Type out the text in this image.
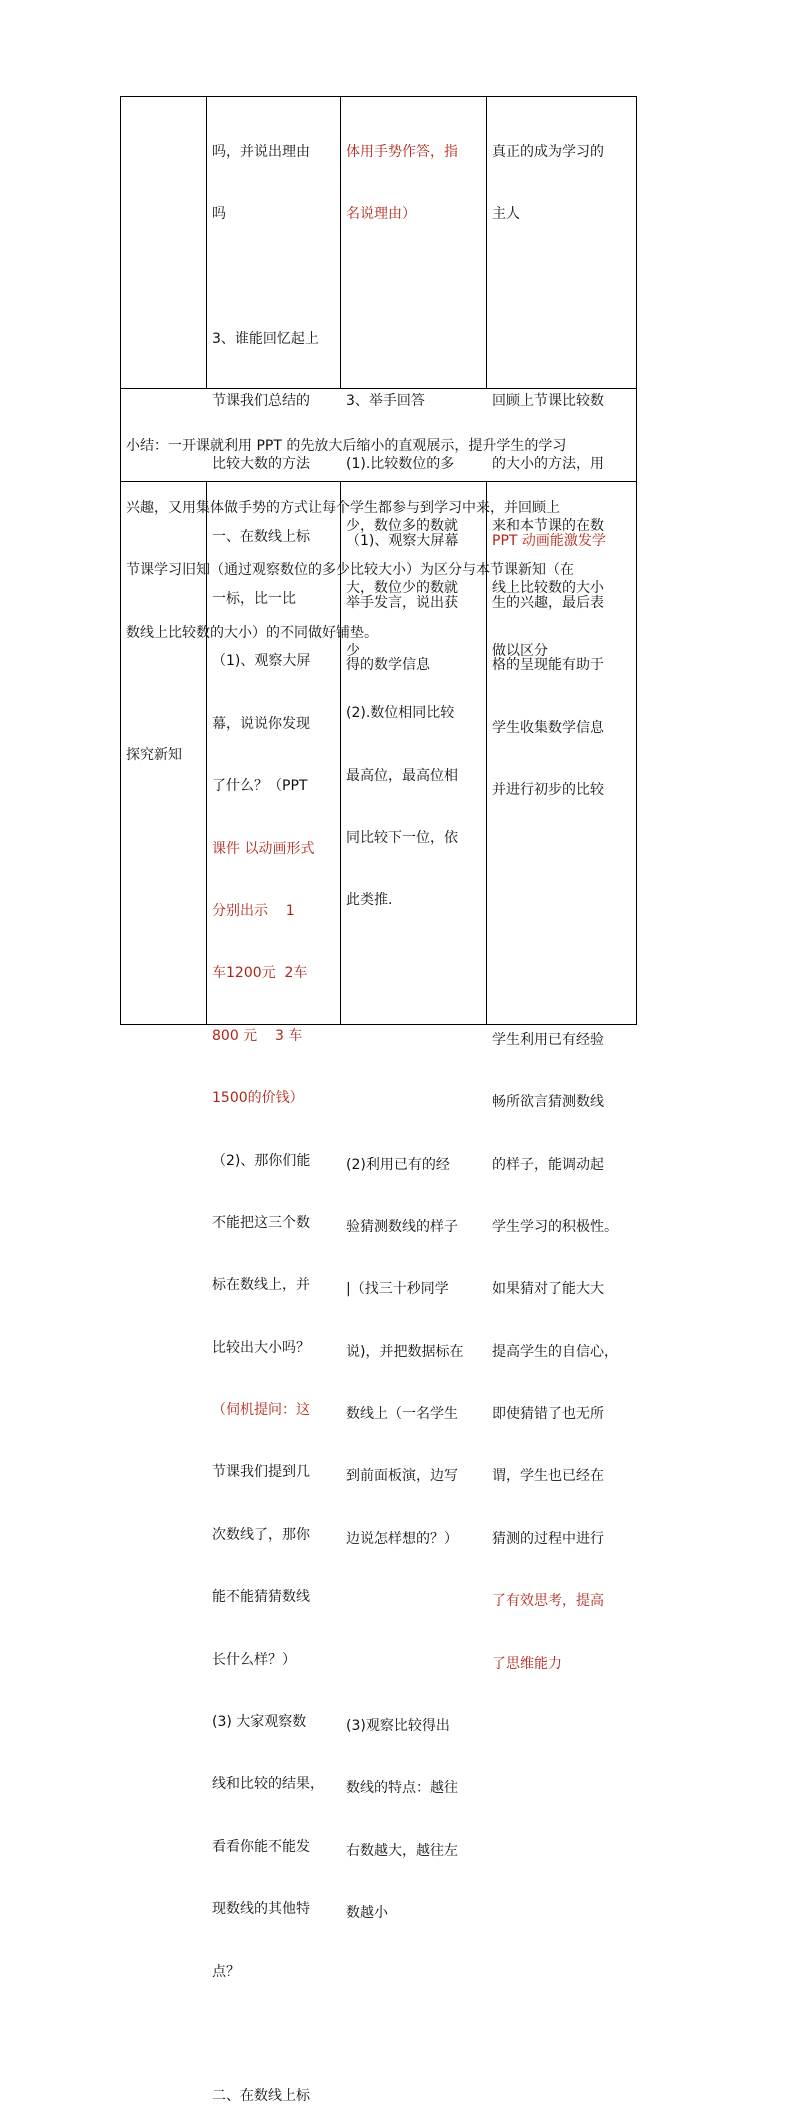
吗，并说出理由

吗

3、谁能回忆起上

节课我们总结的

比较大数的方法

体用手势作答，指

名说理由）

3、举手回答

(1).比较数位的多

少，数位多的数就

大，数位少的数就

少

(2).数位相同比较

最高位，最高位相

同比较下一位，依

此类推.

真正的成为学习的

主人

回顾上节课比较数

的大小的方法，用

来和本节课的在数

线上比较数的大小

做以区分

小结：一开课就利用 PPT 的先放大后缩小的直观展示，提升学生的学习

兴趣，又用集体做手势的方式让每个学生都参与到学习中来，并回顾上

节课学习旧知（通过观察数位的多少比较大小）为区分与本节课新知（在

数线上比较数的大小）的不同做好铺垫。

探究新知

一、在数线上标

一标，比一比

（1)、观察大屏

幕，说说你发现

了什么？（PPT

课件 以动画形式

分别出示    1

车1200元  2车

800 元    3 车

1500的价钱）

（2)、那你们能

不能把这三个数

标在数线上，并

比较出大小吗？

（伺机提问：这

节课我们提到几

次数线了，那你

能不能猜猜数线

长什么样？）

(3) 大家观察数

线和比较的结果，

看看你能不能发

现数线的其他特

点？

二、在数线上标

（1)、观察大屏幕

举手发言，说出获

得的数学信息

(2)利用已有的经

验猜测数线的样子

|（找三十秒同学

说)，并把数据标在

数线上（一名学生

到前面板演，边写

边说怎样想的？）

(3)观察比较得出

数线的特点：越往

右数越大，越往左

数越小

PPT 动画能激发学

生的兴趣，最后表

格的呈现能有助于

学生收集数学信息

并进行初步的比较

学生利用已有经验

畅所欲言猜测数线

的样子，能调动起

学生学习的积极性。

如果猜对了能大大

提高学生的自信心，

即使猜错了也无所

谓，学生也已经在

猜测的过程中进行

了有效思考，提高

了思维能力
